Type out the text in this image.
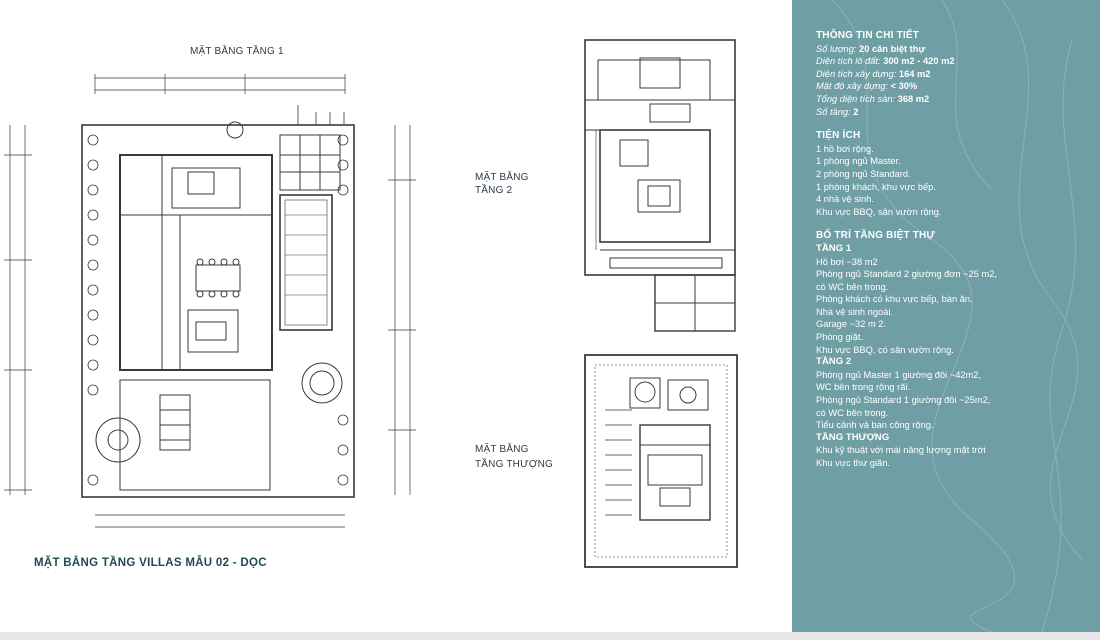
MẶT BẰNG TẦNG 1
MẶT BẰNG
TẦNG 2
MẶT BẰNG
TẦNG THƯỢNG
MẶT BẰNG TẦNG VILLAS MẪU 02 - DỌC
THÔNG TIN CHI TIẾT

Số lượng: 20 căn biệt thự

Diện tích lô đất: 300 m2 - 420 m2

Diện tích xây dựng: 164 m2

Mật độ xây dựng: < 30%

Tổng diện tích sàn: 368 m2

Số tầng: 2

TIỆN ÍCH

1 hồ bơi rộng.

1 phòng ngủ Master.

2 phòng ngủ Standard.

1 phòng khách, khu vực bếp.

4 nhà vệ sinh.

Khu vực BBQ, sân vườn rộng.

BỐ TRÍ TẦNG BIỆT THỰ

TẦNG 1

Hồ bơi ~38 m2

Phòng ngủ Standard 2 giường đơn ~25 m2,

có WC bên trong.

Phòng khách có khu vực bếp, bàn ăn.

Nhà vệ sinh ngoài.

Garage ~32 m 2.

Phòng giặt.

Khu vực BBQ, có sân vườn rộng.

TẦNG 2

Phòng ngủ Master 1 giường đôi ~42m2,

WC bên trong rộng rãi.

Phòng ngủ Standard 1 giường đôi ~25m2,

có WC bên trong.

Tiểu cảnh và ban công rộng.

TẦNG THƯỢNG

Khu kỹ thuật với mái năng lượng mặt trời

Khu vực thư giãn.
